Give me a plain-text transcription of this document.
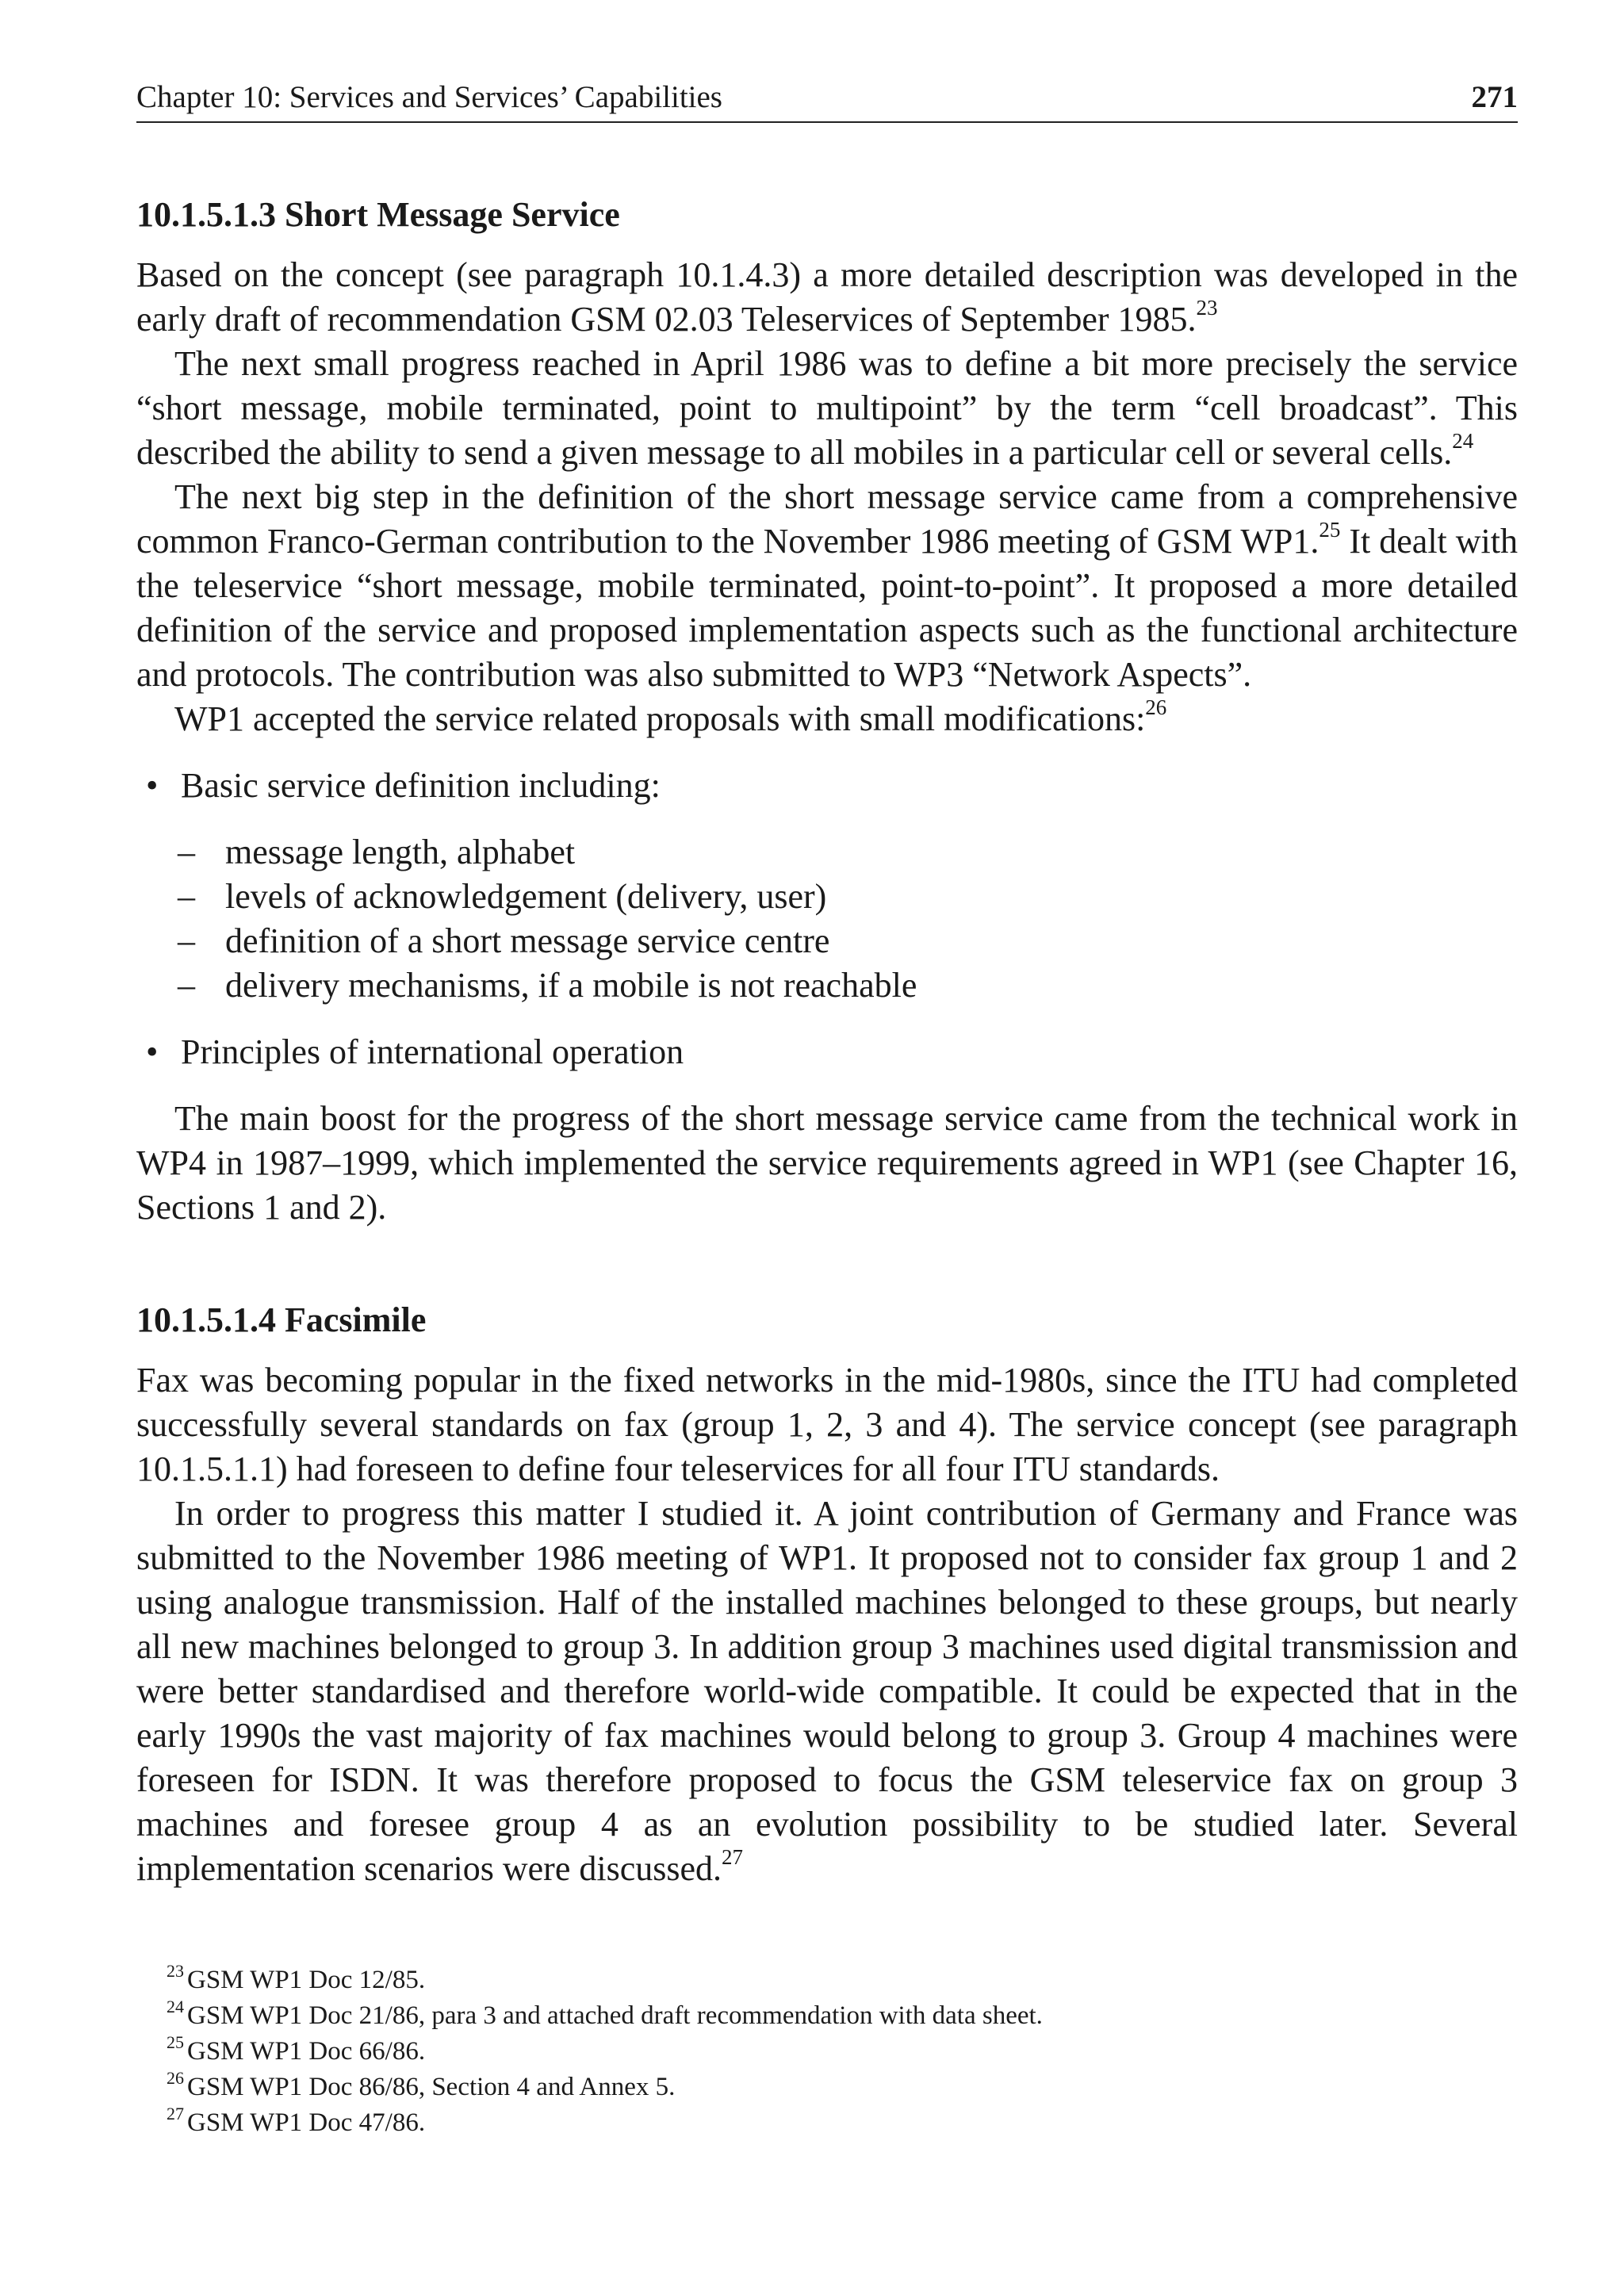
Chapter 10: Services and Services’ Capabilities	271
10.1.5.1.3 Short Message Service

Based on the concept (see paragraph 10.1.4.3) a more detailed description was developed in the early draft of recommendation GSM 02.03 Teleservices of September 1985.23

The next small progress reached in April 1986 was to define a bit more precisely the service “short message, mobile terminated, point to multipoint” by the term “cell broadcast”. This described the ability to send a given message to all mobiles in a particular cell or several cells.$^{24}$

The next big step in the definition of the short message service came from a comprehensive common Franco-German contribution to the November 1986 meeting of GSM WP1.25 It dealt with the teleservice “short message, mobile terminated, point-to-point”. It proposed a more detailed definition of the service and proposed implementation aspects such as the functional architecture and protocols. The contribution was also submitted to WP3 “Network Aspects”.

WP1 accepted the service related proposals with small modifications:$^{26}$

• Basic service definition including:
– message length, alphabet
– levels of acknowledgement (delivery, user)
– definition of a short message service centre
– delivery mechanisms, if a mobile is not reachable
• Principles of international operation

The main boost for the progress of the short message service came from the technical work in WP4 in 1987–1999, which implemented the service requirements agreed in WP1 (see Chapter 16, Sections 1 and 2).

10.1.5.1.4 Facsimile

Fax was becoming popular in the fixed networks in the mid-1980s, since the ITU had completed successfully several standards on fax (group 1, 2, 3 and 4). The service concept (see paragraph 10.1.5.1.1) had foreseen to define four teleservices for all four ITU standards.

In order to progress this matter I studied it. A joint contribution of Germany and France was submitted to the November 1986 meeting of WP1. It proposed not to consider fax group 1 and 2 using analogue transmission. Half of the installed machines belonged to these groups, but nearly all new machines belonged to group 3. In addition group 3 machines used digital transmission and were better standardised and therefore world-wide compatible. It could be expected that in the early 1990s the vast majority of fax machines would belong to group 3. Group 4 machines were foreseen for ISDN. It was therefore proposed to focus the GSM teleservice fax on group 3 machines and foresee group 4 as an evolution possibility to be studied later. Several implementation scenarios were discussed.$^{27}$

$^{23}$ GSM WP1 Doc 12/85.
$^{24}$ GSM WP1 Doc 21/86, para 3 and attached draft recommendation with data sheet.
$^{25}$ GSM WP1 Doc 66/86.
$^{26}$ GSM WP1 Doc 86/86, Section 4 and Annex 5.
$^{27}$ GSM WP1 Doc 47/86.
